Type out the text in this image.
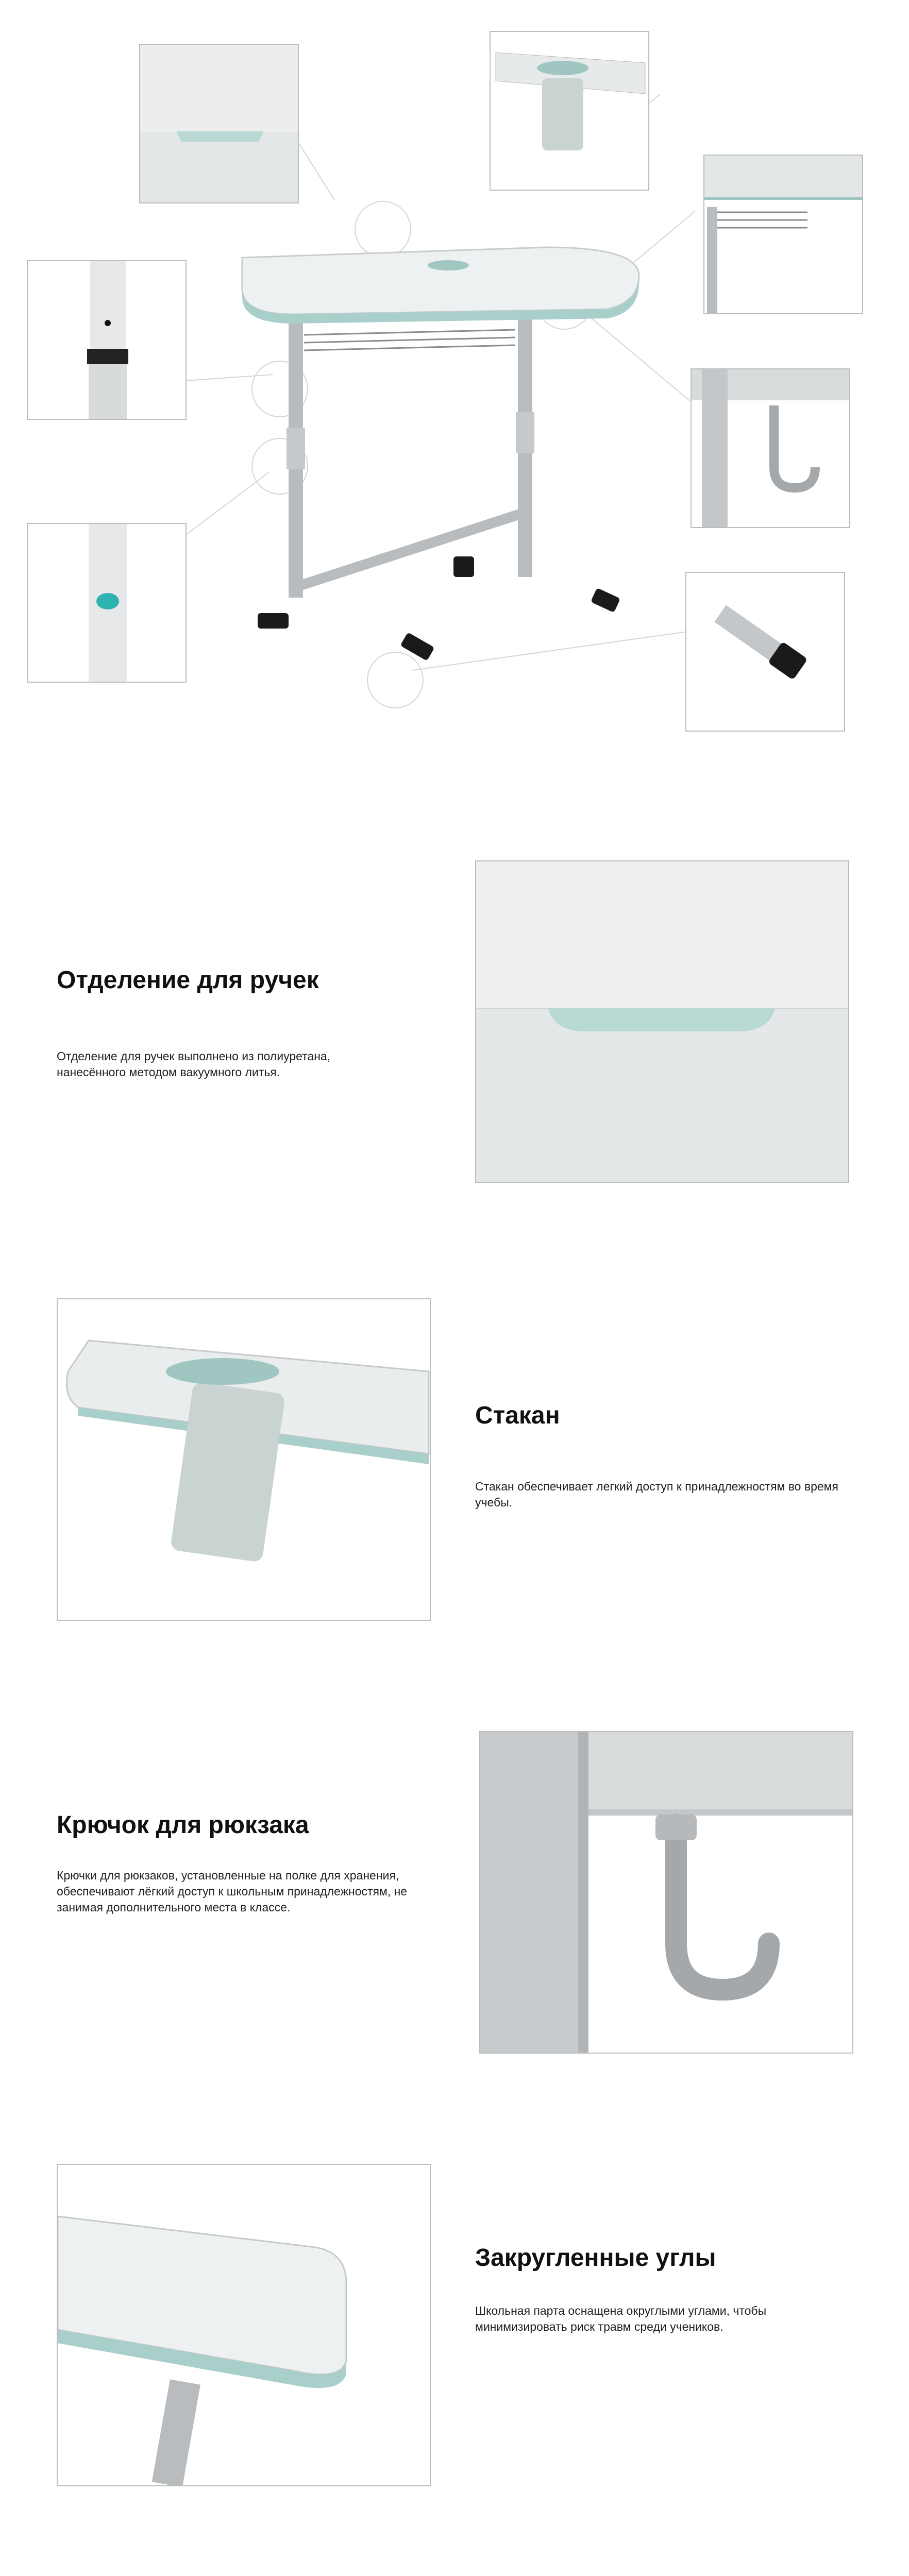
Отделение для ручек
Отделение для ручек выполнено из полиуретана, нанесённого методом вакуумного литья.
Стакан
Стакан обеспечивает легкий доступ к принадлежностям во время учебы.
Крючок для рюкзака
Крючки для рюкзаков, установленные на полке для хранения, обеспечивают лёгкий доступ к школьным принадлежностям, не занимая дополнительного места в классе.
Закругленные углы
Школьная парта оснащена округлыми углами, чтобы минимизировать риск травм среди учеников.
